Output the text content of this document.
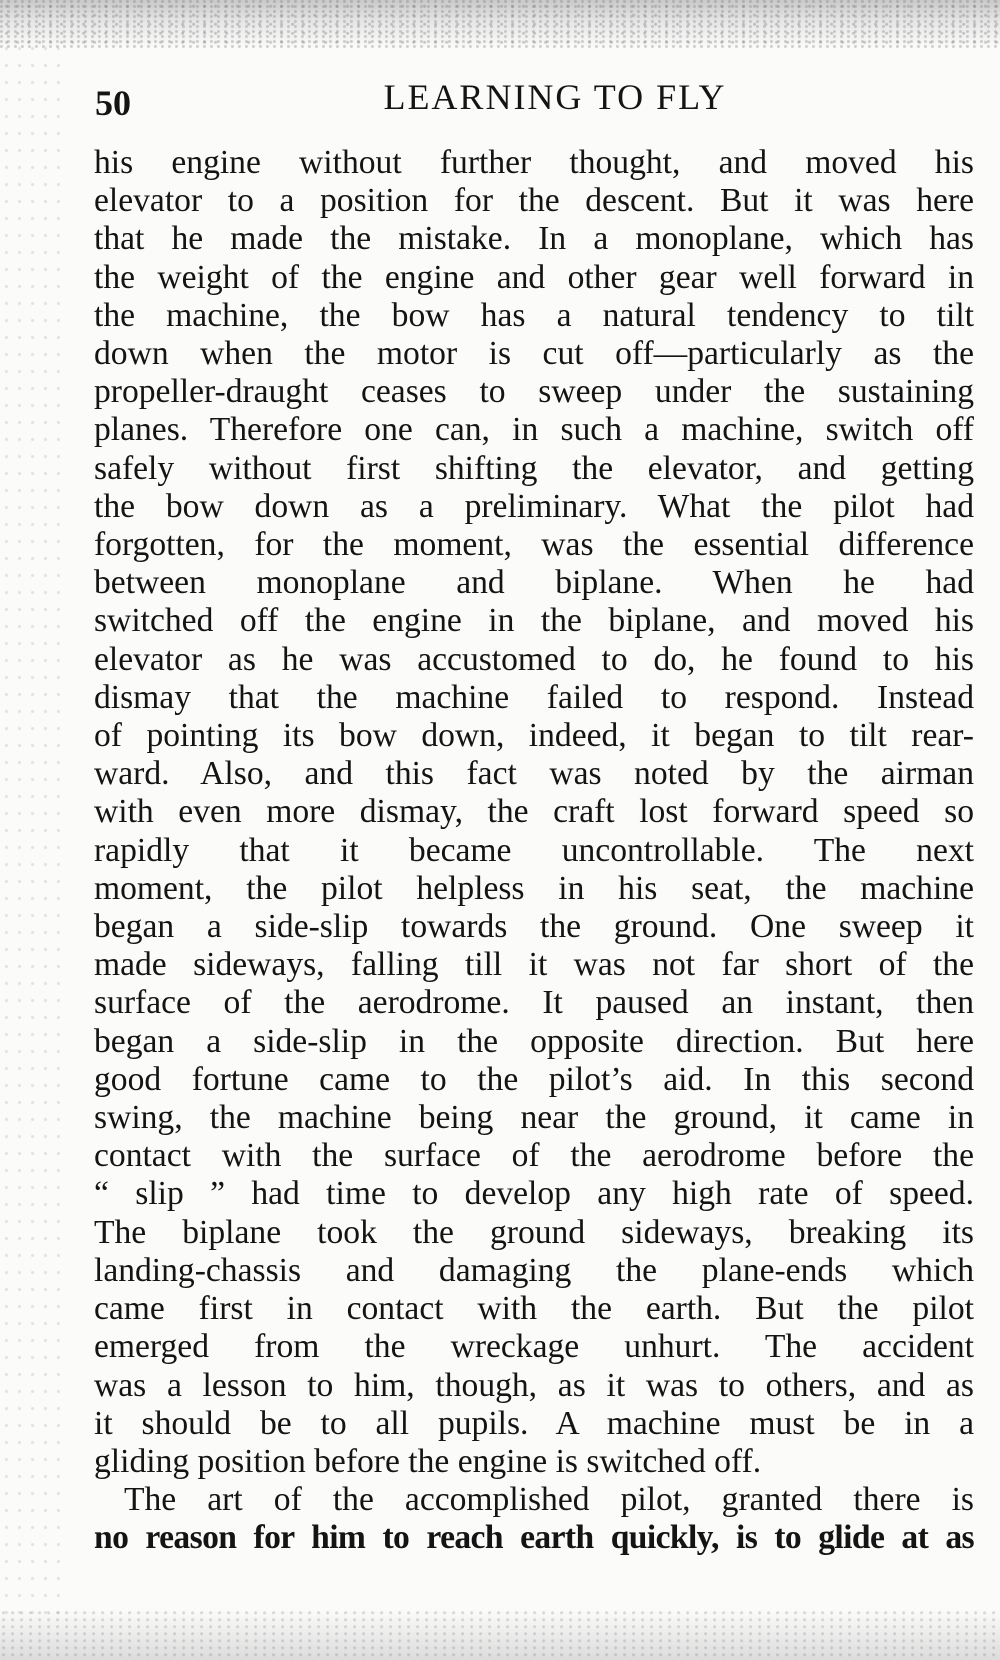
50	LEARNING TO FLY

his engine without further thought, and moved his
elevator to a position for the descent. But it was here
that he made the mistake. In a monoplane, which has
the weight of the engine and other gear well forward in
the machine, the bow has a natural tendency to tilt
down when the motor is cut off—particularly as the
propeller-draught ceases to sweep under the sustaining
planes. Therefore one can, in such a machine, switch off
safely without first shifting the elevator, and getting
the bow down as a preliminary. What the pilot had
forgotten, for the moment, was the essential difference
between monoplane and biplane. When he had
switched off the engine in the biplane, and moved his
elevator as he was accustomed to do, he found to his
dismay that the machine failed to respond. Instead
of pointing its bow down, indeed, it began to tilt rear-
ward. Also, and this fact was noted by the airman
with even more dismay, the craft lost forward speed so
rapidly that it became uncontrollable. The next
moment, the pilot helpless in his seat, the machine
began a side-slip towards the ground. One sweep it
made sideways, falling till it was not far short of the
surface of the aerodrome. It paused an instant, then
began a side-slip in the opposite direction. But here
good fortune came to the pilot’s aid. In this second
swing, the machine being near the ground, it came in
contact with the surface of the aerodrome before the
“ slip ” had time to develop any high rate of speed.
The biplane took the ground sideways, breaking its
landing-chassis and damaging the plane-ends which
came first in contact with the earth. But the pilot
emerged from the wreckage unhurt. The accident
was a lesson to him, though, as it was to others, and as
it should be to all pupils. A machine must be in a
gliding position before the engine is switched off.

The art of the accomplished pilot, granted there is
no reason for him to reach earth quickly, is to glide at as
